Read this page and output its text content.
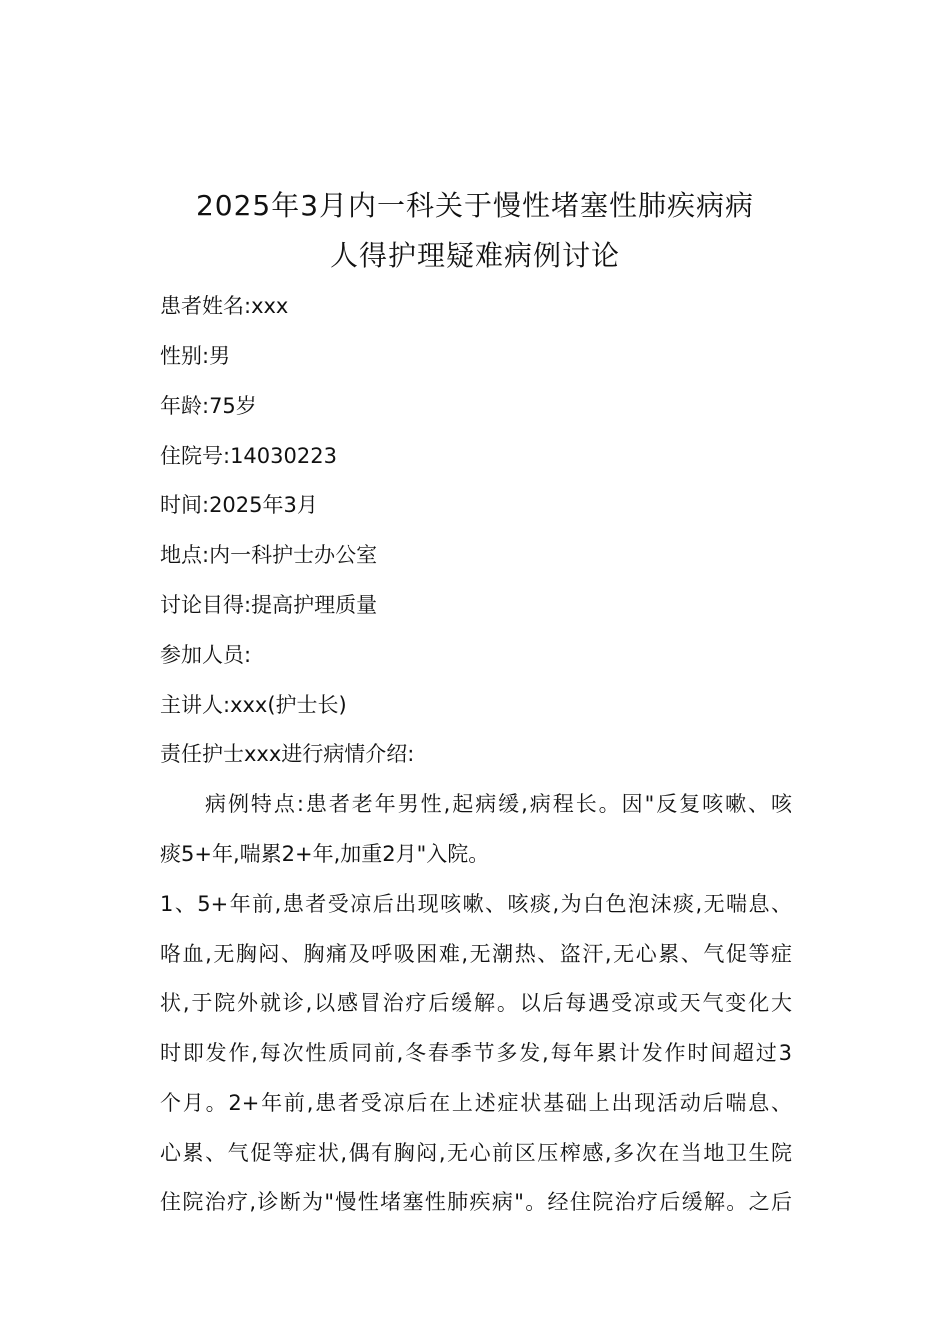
2025年3月内一科关于慢性堵塞性肺疾病病
人得护理疑难病例讨论
患者姓名:xxx
性别:男
年龄:75岁
住院号:14030223
时间:2025年3月
地点:内一科护士办公室
讨论目得:提高护理质量
参加人员:
主讲人:xxx(护士长)
责任护士xxx进行病情介绍:
病例特点:患者老年男性,起病缓,病程长。因"反复咳嗽、咳
痰5+年,喘累2+年,加重2月"入院。
1、5+年前,患者受凉后出现咳嗽、咳痰,为白色泡沫痰,无喘息、
咯血,无胸闷、胸痛及呼吸困难,无潮热、盗汗,无心累、气促等症
状,于院外就诊,以感冒治疗后缓解。以后每遇受凉或天气变化大
时即发作,每次性质同前,冬春季节多发,每年累计发作时间超过3
个月。2+年前,患者受凉后在上述症状基础上出现活动后喘息、
心累、气促等症状,偶有胸闷,无心前区压榨感,多次在当地卫生院
住院治疗,诊断为"慢性堵塞性肺疾病"。经住院治疗后缓解。之后
